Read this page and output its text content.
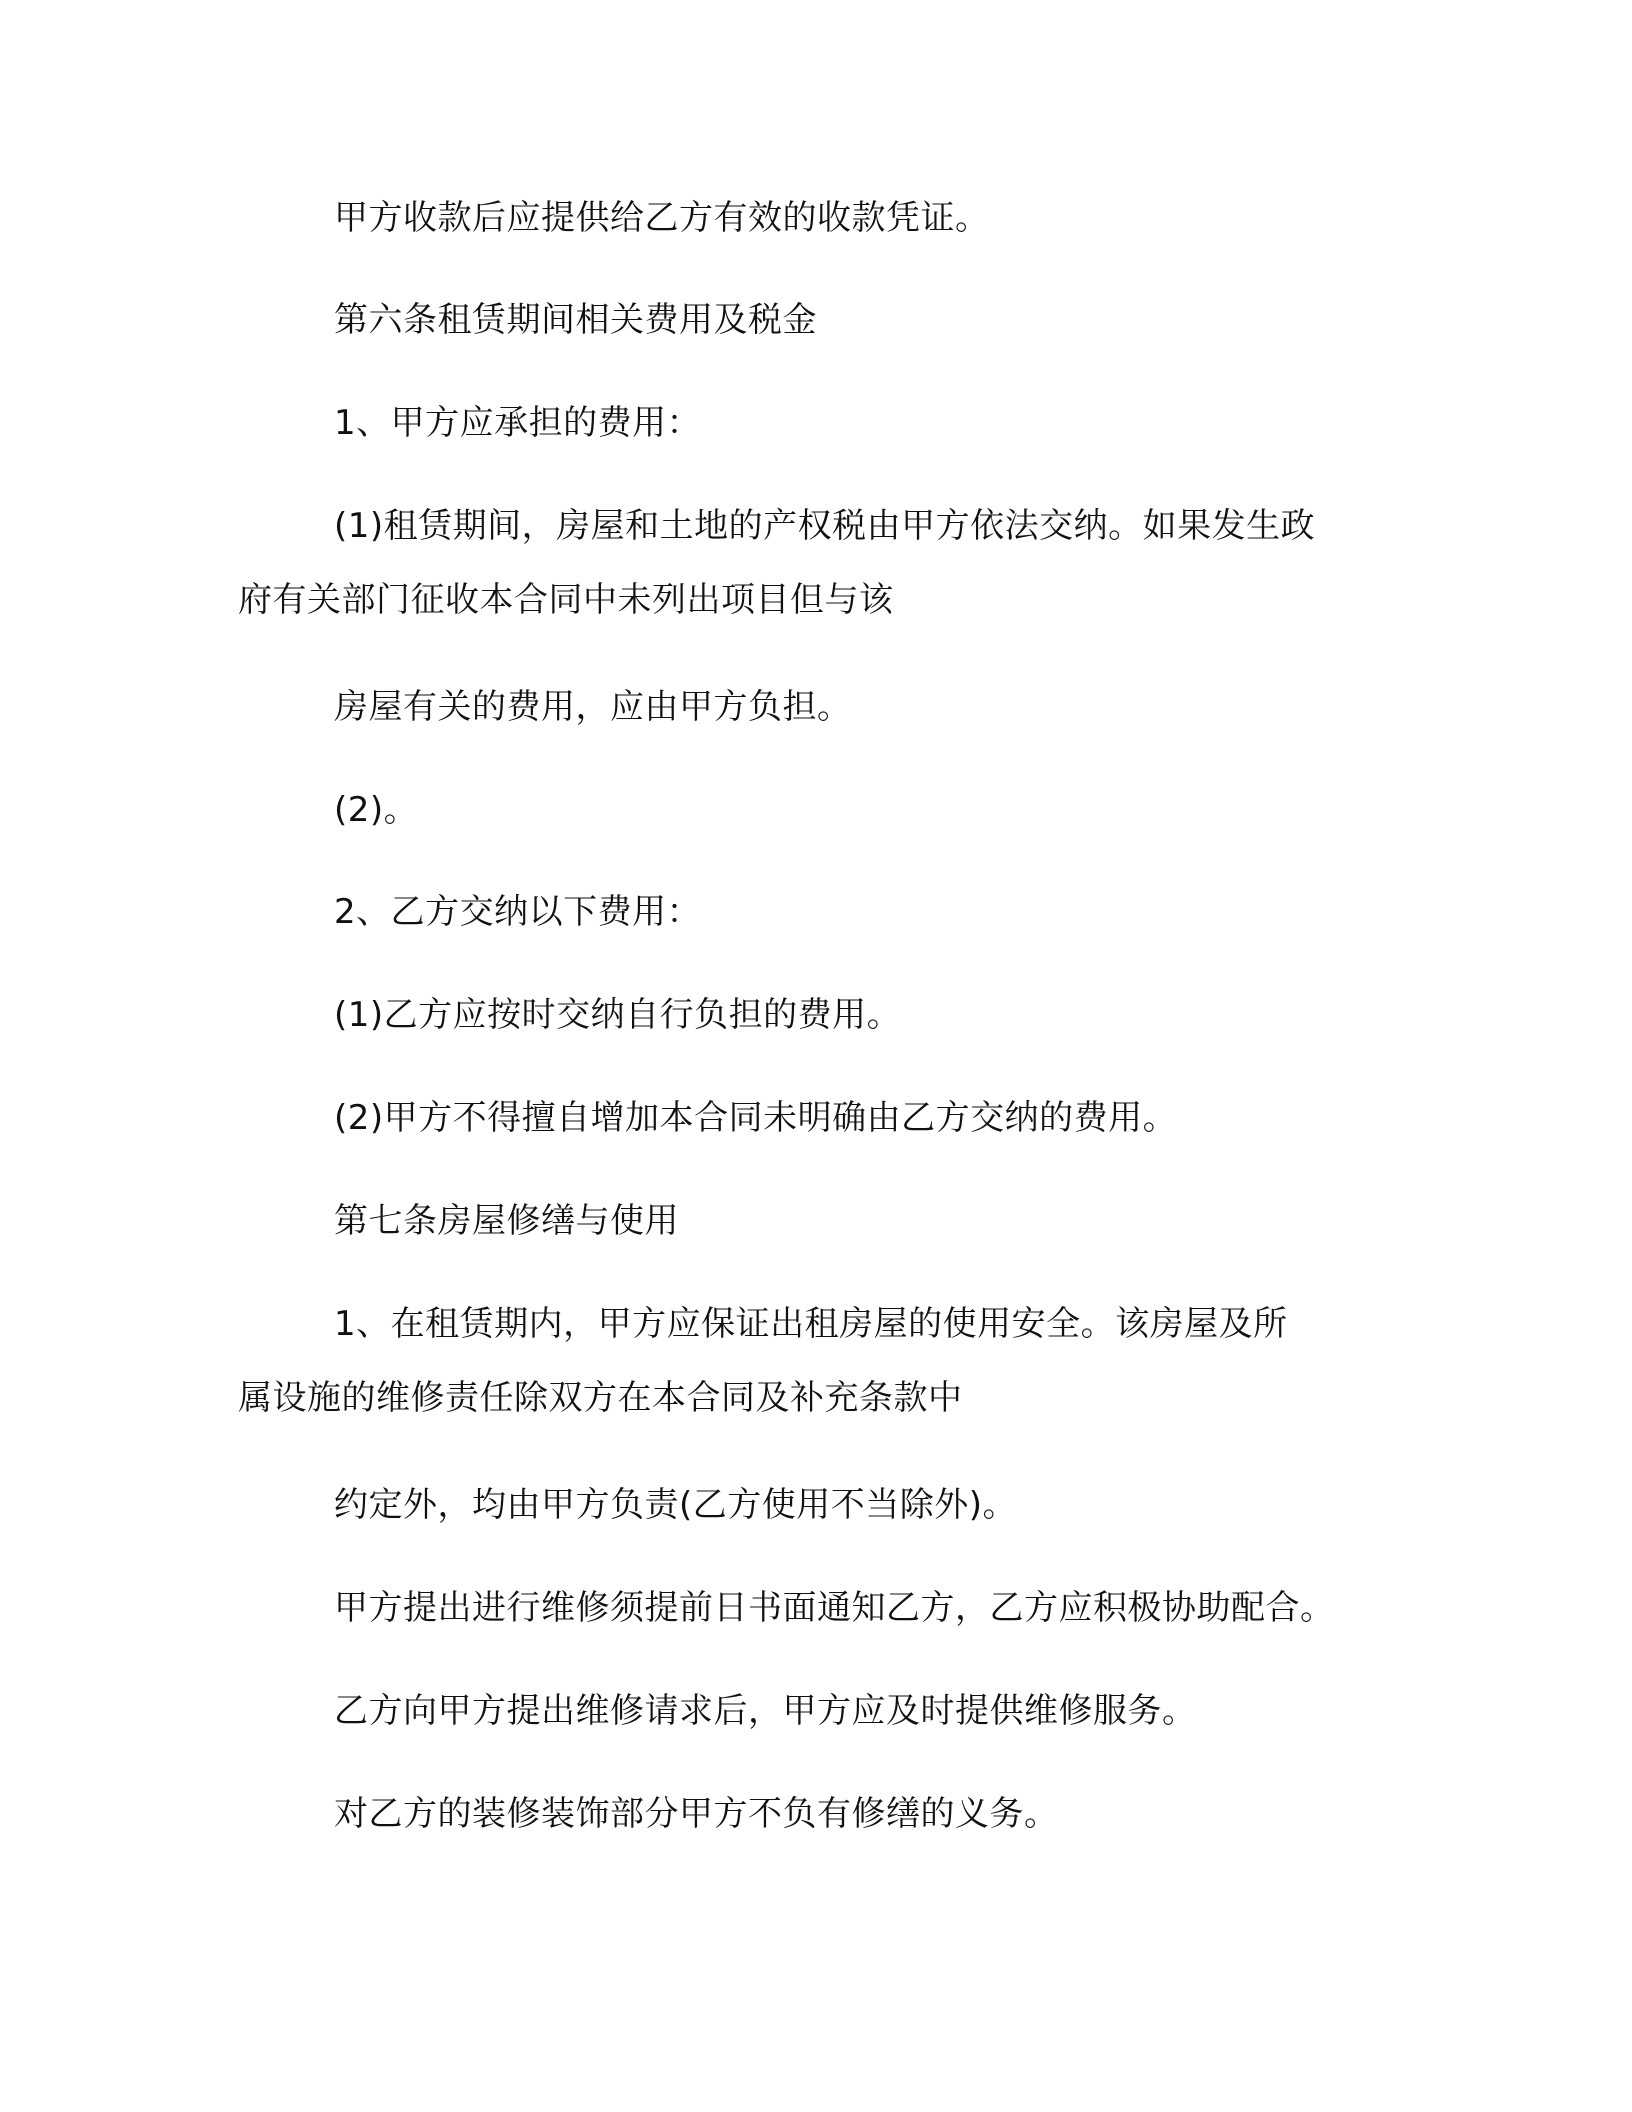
甲方收款后应提供给乙方有效的收款凭证。
第六条租赁期间相关费用及税金
1、甲方应承担的费用：
(1)租赁期间，房屋和土地的产权税由甲方依法交纳。如果发生政
府有关部门征收本合同中未列出项目但与该
房屋有关的费用，应由甲方负担。
(2)。
2、乙方交纳以下费用：
(1)乙方应按时交纳自行负担的费用。
(2)甲方不得擅自增加本合同未明确由乙方交纳的费用。
第七条房屋修缮与使用
1、在租赁期内，甲方应保证出租房屋的使用安全。该房屋及所
属设施的维修责任除双方在本合同及补充条款中
约定外，均由甲方负责(乙方使用不当除外)。
甲方提出进行维修须提前日书面通知乙方，乙方应积极协助配合。
乙方向甲方提出维修请求后，甲方应及时提供维修服务。
对乙方的装修装饰部分甲方不负有修缮的义务。
